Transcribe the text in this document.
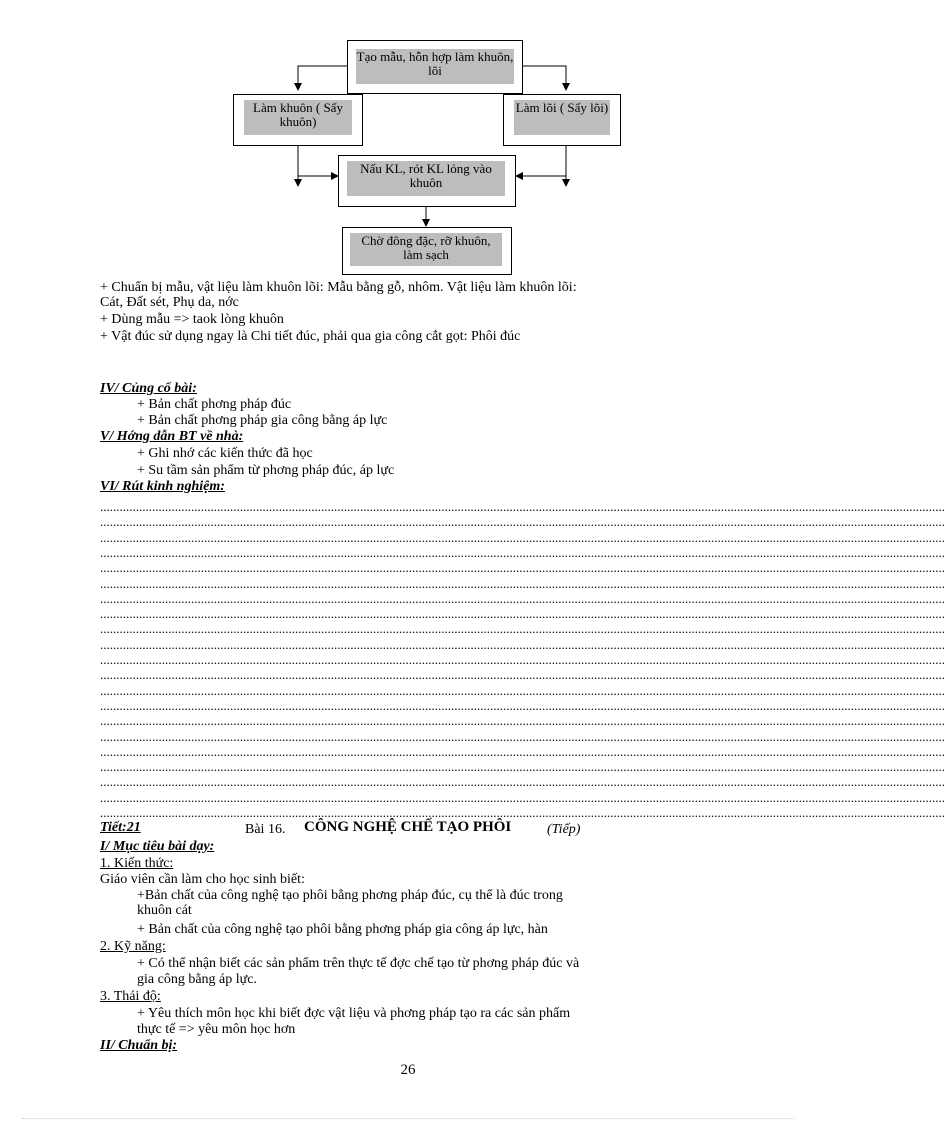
Tạo mẫu, hỗn hợp làm khuôn, lõi
Làm khuôn ( Sấy khuôn)
Làm lõi ( Sấy lõi)
Nấu KL, rót KL lỏng vào khuôn
Chờ đông đặc, rỡ khuôn, làm sạch
+ Chuẩn bị mẫu, vật liệu làm khuôn lõi: Mẫu bằng gỗ, nhôm. Vật liệu làm khuôn lõi:
Cát, Đất sét, Phụ da, nớc
+ Dùng mẫu => taok lòng khuôn
+ Vật đúc sử dụng ngay là Chi tiết đúc, phải qua gia công cắt gọt: Phôi đúc
IV/ Củng cố bài:
+ Bản chất phơng pháp đúc
+ Bản chất phơng pháp gia công bằng áp lực
V/ Hớng dẫn BT về nhà:
+ Ghi nhớ các kiến thức đã học
+ Su tầm sản phẩm từ phơng pháp đúc, áp lực
VI/ Rút kinh nghiệm:
....................................................................................................................................................................................................................................................................
....................................................................................................................................................................................................................................................................
....................................................................................................................................................................................................................................................................
....................................................................................................................................................................................................................................................................
....................................................................................................................................................................................................................................................................
....................................................................................................................................................................................................................................................................
....................................................................................................................................................................................................................................................................
....................................................................................................................................................................................................................................................................
....................................................................................................................................................................................................................................................................
....................................................................................................................................................................................................................................................................
....................................................................................................................................................................................................................................................................
....................................................................................................................................................................................................................................................................
....................................................................................................................................................................................................................................................................
....................................................................................................................................................................................................................................................................
....................................................................................................................................................................................................................................................................
....................................................................................................................................................................................................................................................................
....................................................................................................................................................................................................................................................................
....................................................................................................................................................................................................................................................................
....................................................................................................................................................................................................................................................................
....................................................................................................................................................................................................................................................................
....................................................................................................................................................................................................................................................................
Tiết:21	Bài 16. CÔNG NGHỆ CHẾ TẠO PHÔI	(Tiếp)
I/ Mục tiêu bài dạy:
1. Kiến thức:
Giáo viên cần làm cho học sinh biết:
+Bản chất của công nghệ tạo phôi bằng phơng pháp đúc, cụ thể là đúc trong
khuôn cát
+ Bản chất của công nghệ tạo phôi bằng phơng pháp gia công áp lực, hàn
2. Kỹ năng:
+ Có thể nhận biết các sản phẩm trên thực tế đợc chế tạo từ phơng pháp đúc và
gia công bằng áp lực.
3. Thái độ:
+ Yêu thích môn học khi biết đợc vật liệu và phơng pháp tạo ra các sản phẩm
thực tế => yêu môn học hơn
II/ Chuẩn bị:
26
